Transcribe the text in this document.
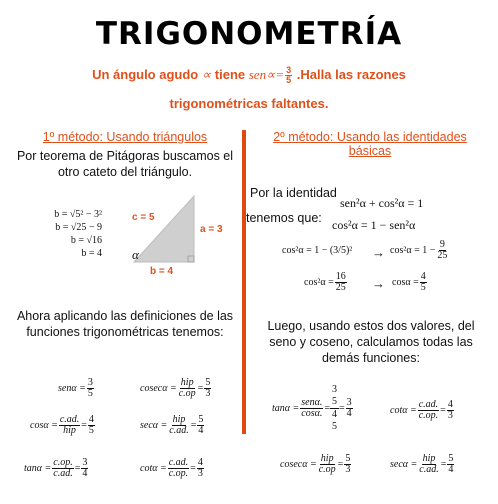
TRIGONOMETRÍA
Un ángulo agudo ∝ tiene $sen\propto= \frac{3}{5}$ .Halla las razones
trigonométricas faltantes.
1º método: Usando triángulos
Por teorema de Pitágoras buscamos el otro cateto del triángulo.
b = √5² − 3²
b = √25 − 9
b = √16
b = 4
c = 5
a = 3
b = 4
α
Ahora aplicando las definiciones de las funciones trigonométricas tenemos:
$sen\alpha = \frac{3}{5}$	$cosec\alpha = \frac{\text{hip}}{c.op} = \frac{5}{3}$
$\cos\alpha = \frac{c.ad.}{\text{hip}} = \frac{4}{5}$	$\sec\alpha = \frac{\text{hip}}{c.ad.} = \frac{5}{4}$
$\tan\alpha = \frac{c.op.}{c.ad.} = \frac{3}{4}$	$\cot\alpha = \frac{c.ad.}{c.op.} = \frac{4}{3}$
2º método: Usando las identidades
básicas
Por la identidad
tenemos que:
sen²α + cos²α = 1
cos²α = 1 − sen²α
$\cos^2\alpha = 1 - (3/5)^2 \to \cos^2\alpha = 1 - \frac{9}{25}$
$\cos^2\alpha = \frac{16}{25} \to \cos\alpha = \frac{4}{5}$
Luego, usando estos dos valores, del seno y coseno, calculamos todas las demás funciones:
$\tan\alpha = \frac{\text{senα.}}{\cos\alpha.}$ =
3
5
4
5
= $\frac{3}{4}$	$\cot\alpha = \frac{c.ad.}{c.op.} = \frac{4}{3}$
$cosec\alpha = \frac{\text{hip}}{c.op} = \frac{5}{3}$	$\sec\alpha = \frac{\text{hip}}{c.ad.} = \frac{5}{4}$
